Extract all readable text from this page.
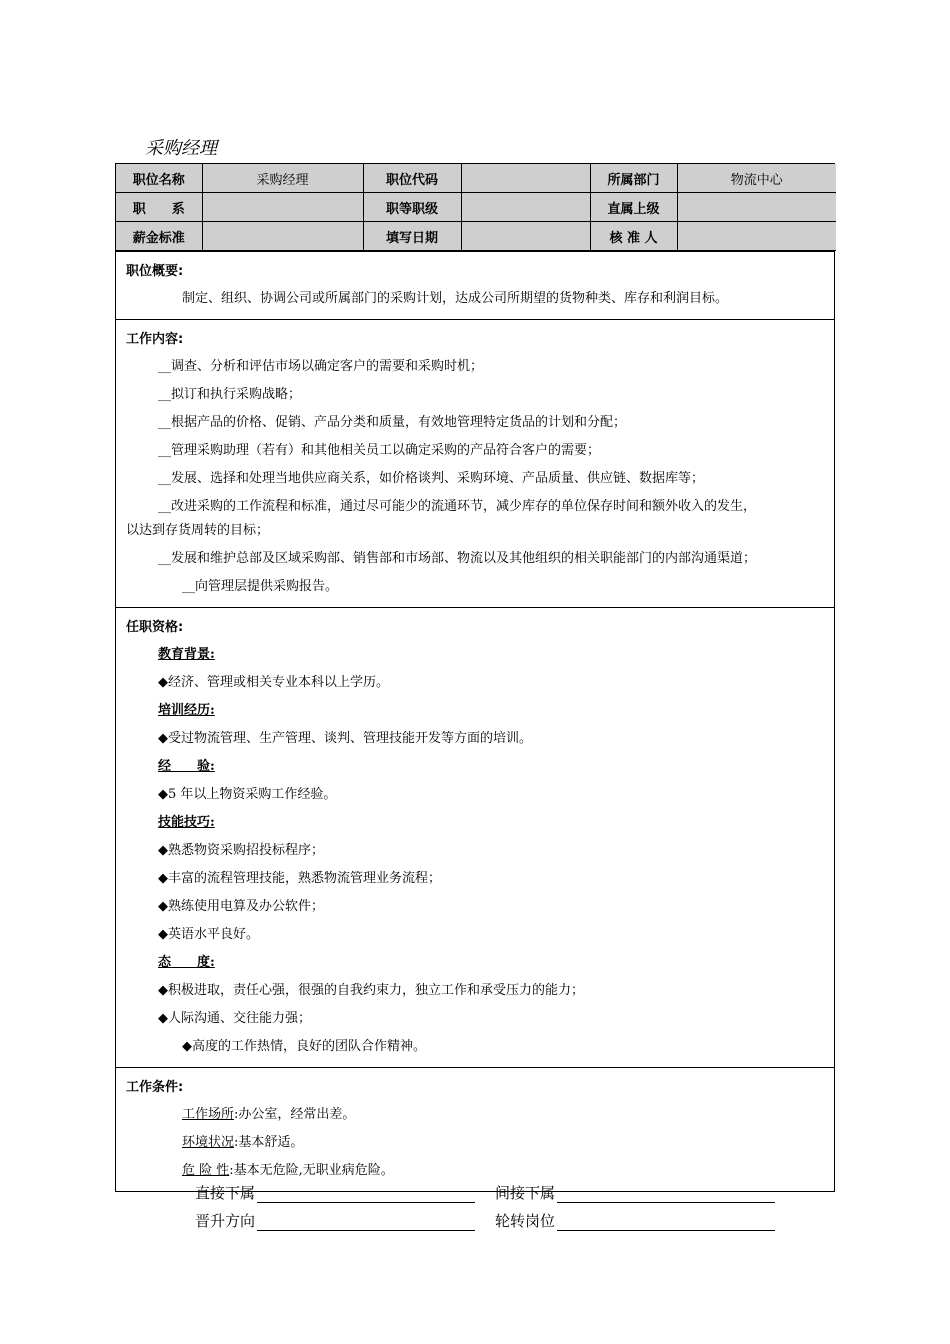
采购经理
职位名称	采购经理	职位代码		所属部门	物流中心
职　　系		职等职级		直属上级	
薪金标准		填写日期		核 准 人	
职位概要:
制定、组织、协调公司或所属部门的采购计划，达成公司所期望的货物种类、库存和利润目标。
工作内容:
__调查、分析和评估市场以确定客户的需要和采购时机；
__拟订和执行采购战略；
__根据产品的价格、促销、产品分类和质量，有效地管理特定货品的计划和分配；
__管理采购助理（若有）和其他相关员工以确定采购的产品符合客户的需要；
__发展、选择和处理当地供应商关系，如价格谈判、采购环境、产品质量、供应链、数据库等；
__改进采购的工作流程和标准，通过尽可能少的流通环节，减少库存的单位保存时间和额外收入的发生，
以达到存货周转的目标；
__发展和维护总部及区域采购部、销售部和市场部、物流以及其他组织的相关职能部门的内部沟通渠道；
__向管理层提供采购报告。
任职资格:
教育背景:
◆经济、管理或相关专业本科以上学历。
培训经历:
◆受过物流管理、生产管理、谈判、管理技能开发等方面的培训。
经　　验:
◆5 年以上物资采购工作经验。
技能技巧:
◆熟悉物资采购招投标程序；
◆丰富的流程管理技能，熟悉物流管理业务流程；
◆熟练使用电算及办公软件；
◆英语水平良好。
态　　度:
◆积极进取，责任心强，很强的自我约束力，独立工作和承受压力的能力；
◆人际沟通、交往能力强；
◆高度的工作热情，良好的团队合作精神。
工作条件:
工作场所:办公室，经常出差。
环境状况:基本舒适。
危 险 性:基本无危险,无职业病危险。
直接下属	间接下属
晋升方向	轮转岗位
